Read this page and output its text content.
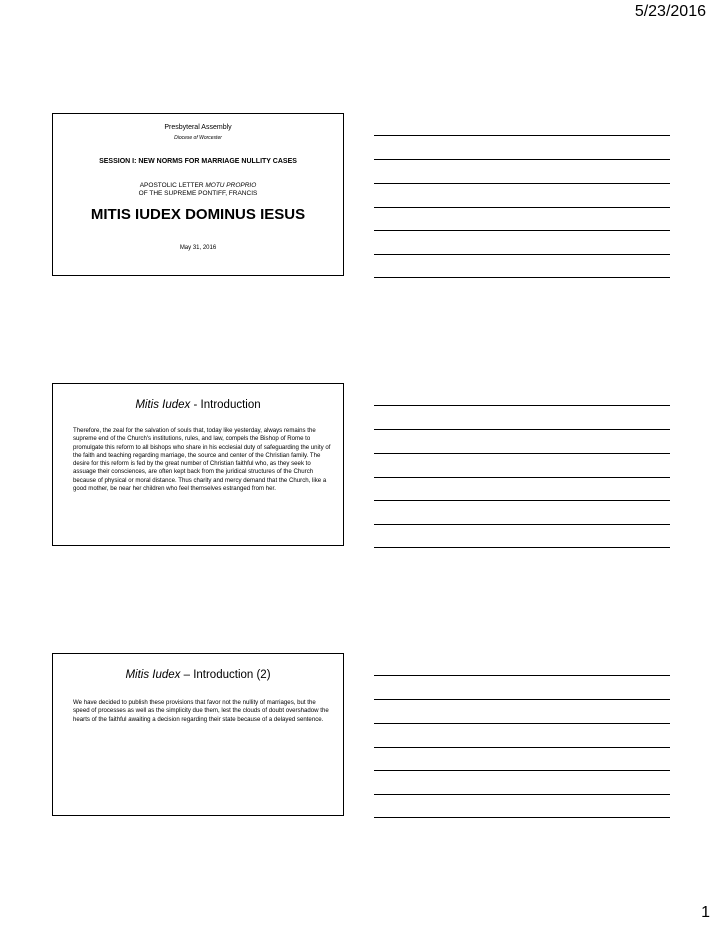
5/23/2016
Presbyteral Assembly
Diocese of Worcester
SESSION I: NEW NORMS FOR MARRIAGE NULLITY CASES
APOSTOLIC LETTER MOTU PROPRIO
OF THE SUPREME PONTIFF, FRANCIS
MITIS IUDEX DOMINUS IESUS
May 31, 2016
Mitis Iudex - Introduction
Therefore, the zeal for the salvation of souls that, today like yesterday, always remains the supreme end of the Church's institutions, rules, and law, compels the Bishop of Rome to promulgate this reform to all bishops who share in his ecclesial duty of safeguarding the unity of the faith and teaching regarding marriage, the source and center of the Christian family. The desire for this reform is fed by the great number of Christian faithful who, as they seek to assuage their consciences, are often kept back from the juridical structures of the Church because of physical or moral distance. Thus charity and mercy demand that the Church, like a good mother, be near her children who feel themselves estranged from her.
Mitis Iudex – Introduction (2)
We have decided to publish these provisions that favor not the nullity of marriages, but the speed of processes as well as the simplicity due them, lest the clouds of doubt overshadow the hearts of the faithful awaiting a decision regarding their state because of a delayed sentence.
1
